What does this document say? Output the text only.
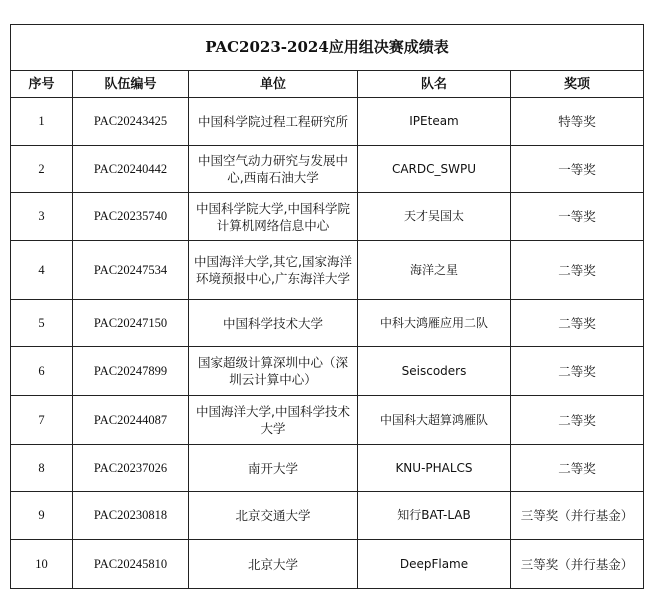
PAC2023-2024应用组决赛成绩表				
序号	队伍编号	单位	队名	奖项
1	PAC20243425	中国科学院过程工程研究所	IPEteam	特等奖
2	PAC20240442	中国空气动力研究与发展中心,西南石油大学	CARDC_SWPU	一等奖
3	PAC20235740	中国科学院大学,中国科学院计算机网络信息中心	天才吴国太	一等奖
4	PAC20247534	中国海洋大学,其它,国家海洋环境预报中心,广东海洋大学	海洋之星	二等奖
5	PAC20247150	中国科学技术大学	中科大鸿雁应用二队	二等奖
6	PAC20247899	国家超级计算深圳中心（深圳云计算中心）	Seiscoders	二等奖
7	PAC20244087	中国海洋大学,中国科学技术大学	中国科大超算鸿雁队	二等奖
8	PAC20237026	南开大学	KNU-PHALCS	二等奖
9	PAC20230818	北京交通大学	知行BAT-LAB	三等奖（并行基金）
10	PAC20245810	北京大学	DeepFlame	三等奖（并行基金）
